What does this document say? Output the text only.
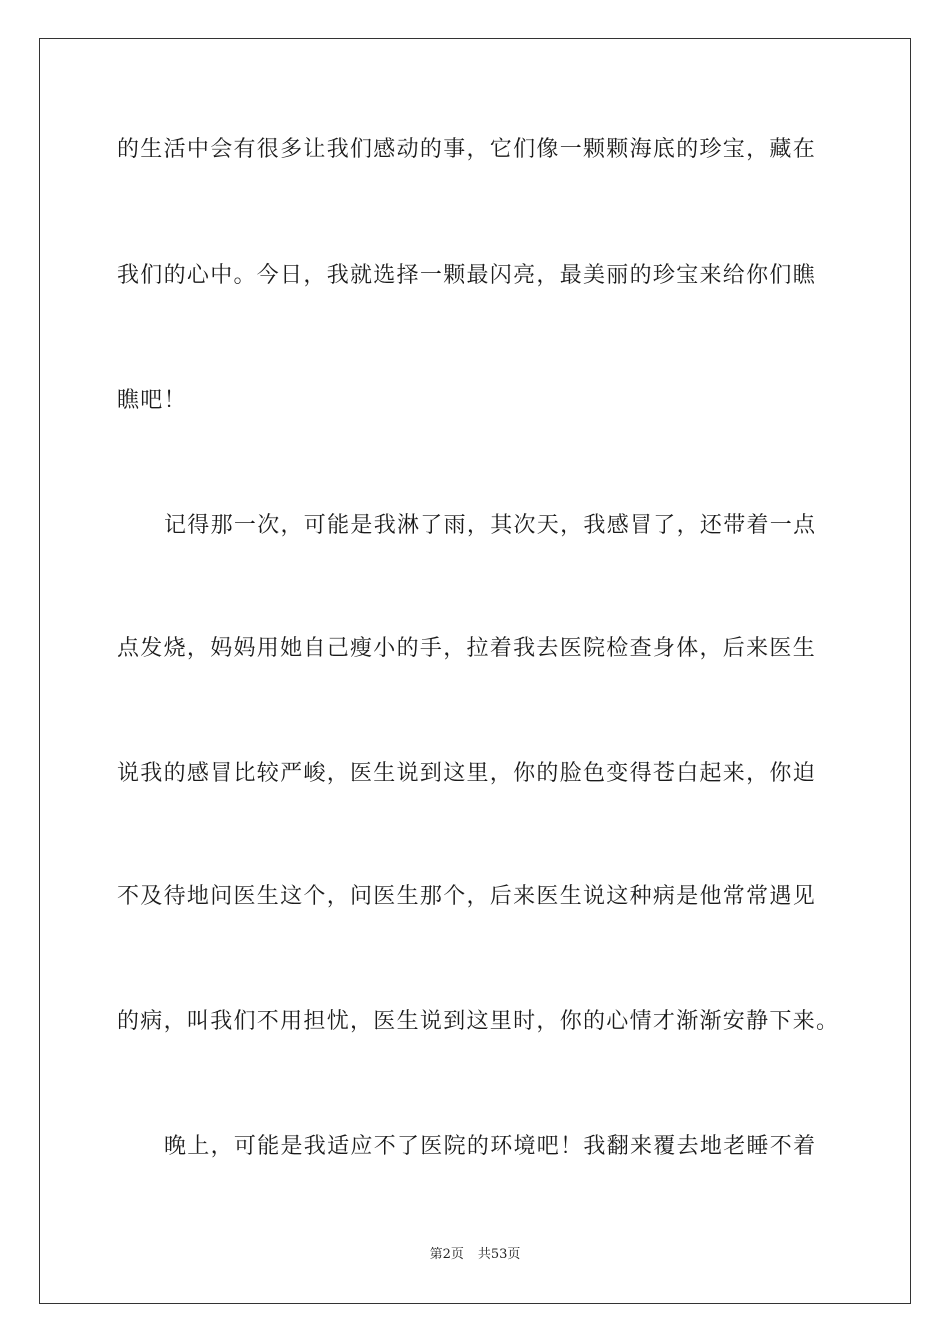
的生活中会有很多让我们感动的事，它们像一颗颗海底的珍宝，藏在
我们的心中。今日，我就选择一颗最闪亮，最美丽的珍宝来给你们瞧
瞧吧！
记得那一次，可能是我淋了雨，其次天，我感冒了，还带着一点
点发烧，妈妈用她自己瘦小的手，拉着我去医院检查身体，后来医生
说我的感冒比较严峻，医生说到这里，你的脸色变得苍白起来，你迫
不及待地问医生这个，问医生那个，后来医生说这种病是他常常遇见
的病，叫我们不用担忧，医生说到这里时，你的心情才渐渐安静下来。
晚上，可能是我适应不了医院的环境吧！我翻来覆去地老睡不着
第2页 共53页
